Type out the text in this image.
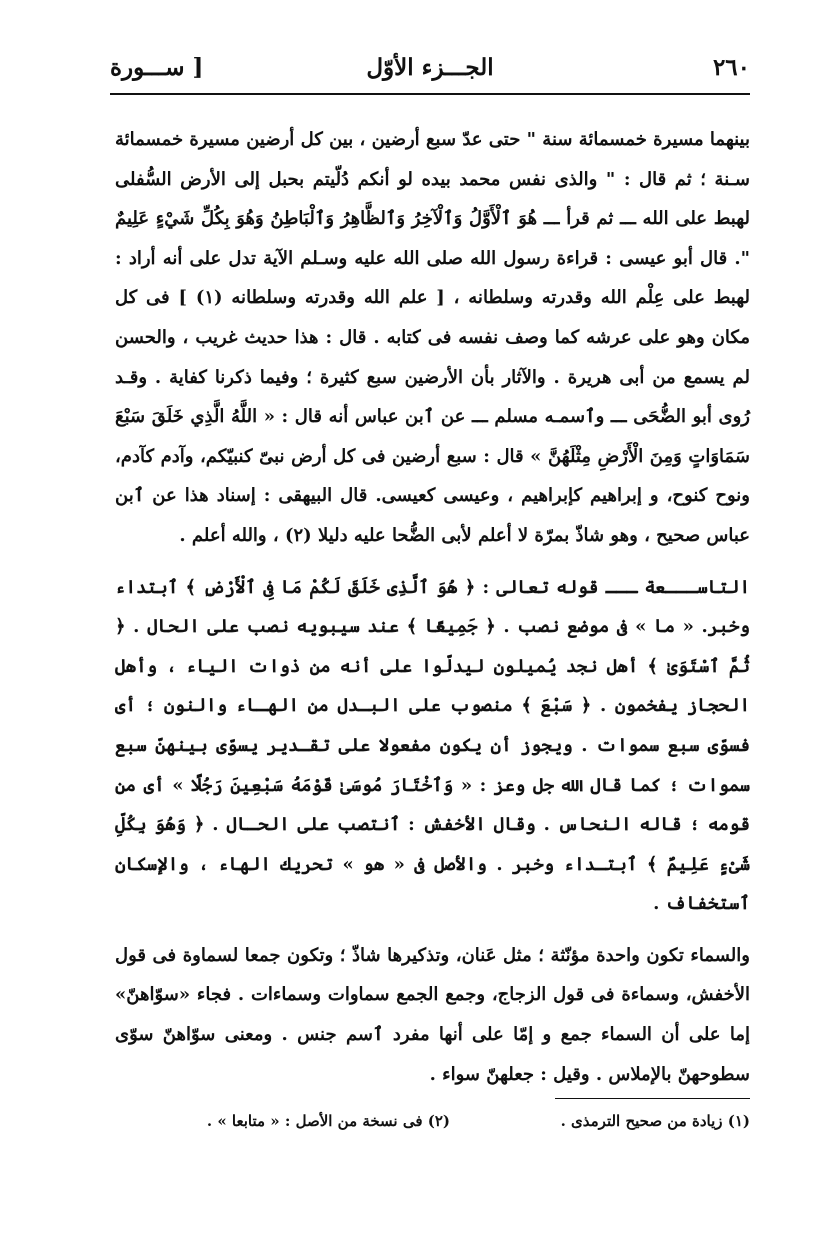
٢٦٠
الجـــزء الأوّل
[ ســـورة

بينهما مسيرة خمسمائة سنة " حتى عدّ سبع أرضين ، بين كل أرضين مسيرة خمسمائة سـنة ؛ ثم قال : " والذى نفس محمد بيده لو أنكم دُلّيتم بحبل إلى الأرض السُّفلى لهبط على الله ـــ ثم قرأ ـــ هُوَ ٱلْأَوَّلُ وَٱلْآخِرُ وَٱلظَّاهِرُ وَٱلْبَاطِنُ وَهُوَ بِكُلِّ شَيْءٍ عَلِيمٌ ". قال أبو عيسى : قراءة رسول الله صلى الله عليه وسـلم الآية تدل على أنه أراد : لهبط على عِلْم الله وقدرته وسلطانه ، [ علم الله وقدرته وسلطانه (١) ] فى كل مكان وهو على عرشه كما وصف نفسه فى كتابه . قال : هذا حديث غريب ، والحسن لم يسمع من أبى هريرة . والآثار بأن الأرضين سبع كثيرة ؛ وفيما ذكرنا كفاية . وقـد رُوى أبو الضُّحَى ـــ وٱسمـه مسلم ـــ عن ٱبن عباس أنه قال : « اللَّهُ الَّذِي خَلَقَ سَبْعَ سَمَاوَاتٍ وَمِنَ الْأَرْضِ مِثْلَهُنَّ » قال : سبع أرضين فى كل أرض نبىّ كنبيّكم، وآدم كآدم، ونوح كنوح، و إبراهيم كإبراهيم ، وعيسى كعيسى. قال البيهقى : إسناد هذا عن ٱبن عباس صحيح ، وهو شاذّ بمرّة لا أعلم لأبى الضُّحا عليه دليلا (٢) ، والله أعلم .

التاســـعة ـــ قوله تعالى : ﴿ هُوَ ٱلَّذِى خَلَقَ لَكُمْ مَا فِى ٱلْأَرْضِ ﴾ ٱبتداء وخبر. « ما » فى موضع نصب . ﴿ جَمِيعًا ﴾ عند سيبويه نصب على الحال . ﴿ ثُمَّ ٱسْتَوَىٰ ﴾ أهل نجد يُميلون ليدلّوا على أنه من ذوات الياء ، وأهل الحجاز يفخمون . ﴿ سَبْعَ ﴾ منصوب على البـدل من الهـاء والنون ؛ أى فسوّى سبع سموات . ويجوز أن يكون مفعولا على تقـدير يسوّى بينهنّ سبع سموات ؛ كما قال الله جل وعز : « وَٱخْتَارَ مُوسَىٰ قَوْمَهُ سَبْعِينَ رَجُلًا » أى من قومه ؛ قاله النحاس . وقال الأخفش : ٱنتصب على الحـال . ﴿ وَهُوَ بِكُلِّ شَىْءٍ عَلِيمٌ ﴾ ٱبتـداء وخبر . والأصل فى « هو » تحريك الهاء ، والإسكان ٱستخفاف .

والسماء تكون واحدة مؤنّثة ؛ مثل عَنان، وتذكيرها شاذّ ؛ وتكون جمعا لسماوة فى قول الأخفش، وسماءة فى قول الزجاج، وجمع الجمع سماوات وسماءات . فجاء «سوّاهنّ» إما على أن السماء جمع و إمّا على أنها مفرد ٱسم جنس . ومعنى سوّاهنّ سوّى سطوحهنّ بالإملاس . وقيل : جعلهنّ سواء .

(١) زيادة من صحيح الترمذى .
(٢) فى نسخة من الأصل : « متابعا » .
